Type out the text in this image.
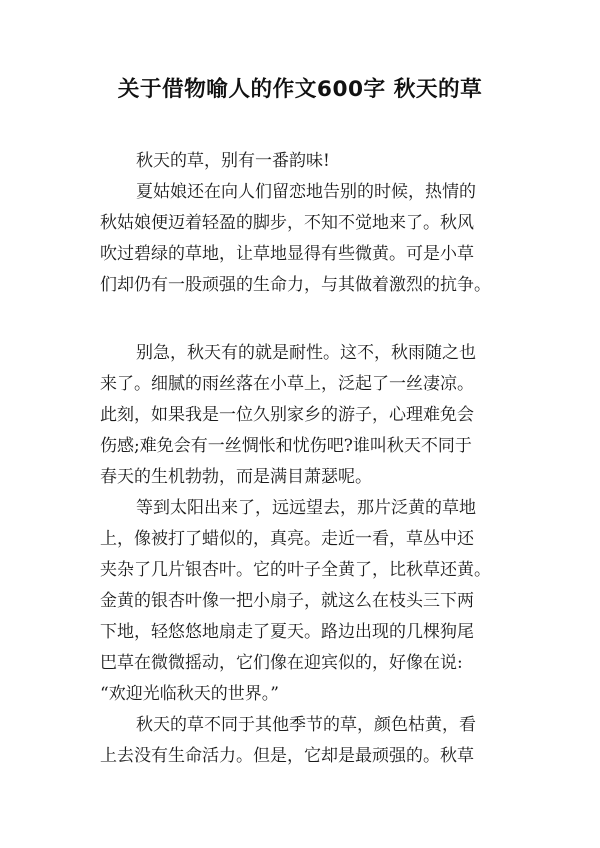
关于借物喻人的作文600字 秋天的草
秋天的草，别有一番韵味!
夏姑娘还在向人们留恋地告别的时候，热情的
秋姑娘便迈着轻盈的脚步，不知不觉地来了。秋风
吹过碧绿的草地，让草地显得有些微黄。可是小草
们却仍有一股顽强的生命力，与其做着激烈的抗争。
别急，秋天有的就是耐性。这不，秋雨随之也
来了。细腻的雨丝落在小草上，泛起了一丝凄凉。
此刻，如果我是一位久别家乡的游子，心理难免会
伤感;难免会有一丝惆怅和忧伤吧?谁叫秋天不同于
春天的生机勃勃，而是满目萧瑟呢。
等到太阳出来了，远远望去，那片泛黄的草地
上，像被打了蜡似的，真亮。走近一看，草丛中还
夹杂了几片银杏叶。它的叶子全黄了，比秋草还黄。
金黄的银杏叶像一把小扇子，就这么在枝头三下两
下地，轻悠悠地扇走了夏天。路边出现的几棵狗尾
巴草在微微摇动，它们像在迎宾似的，好像在说:
“欢迎光临秋天的世界。”
秋天的草不同于其他季节的草，颜色枯黄，看
上去没有生命活力。但是，它却是最顽强的。秋草
